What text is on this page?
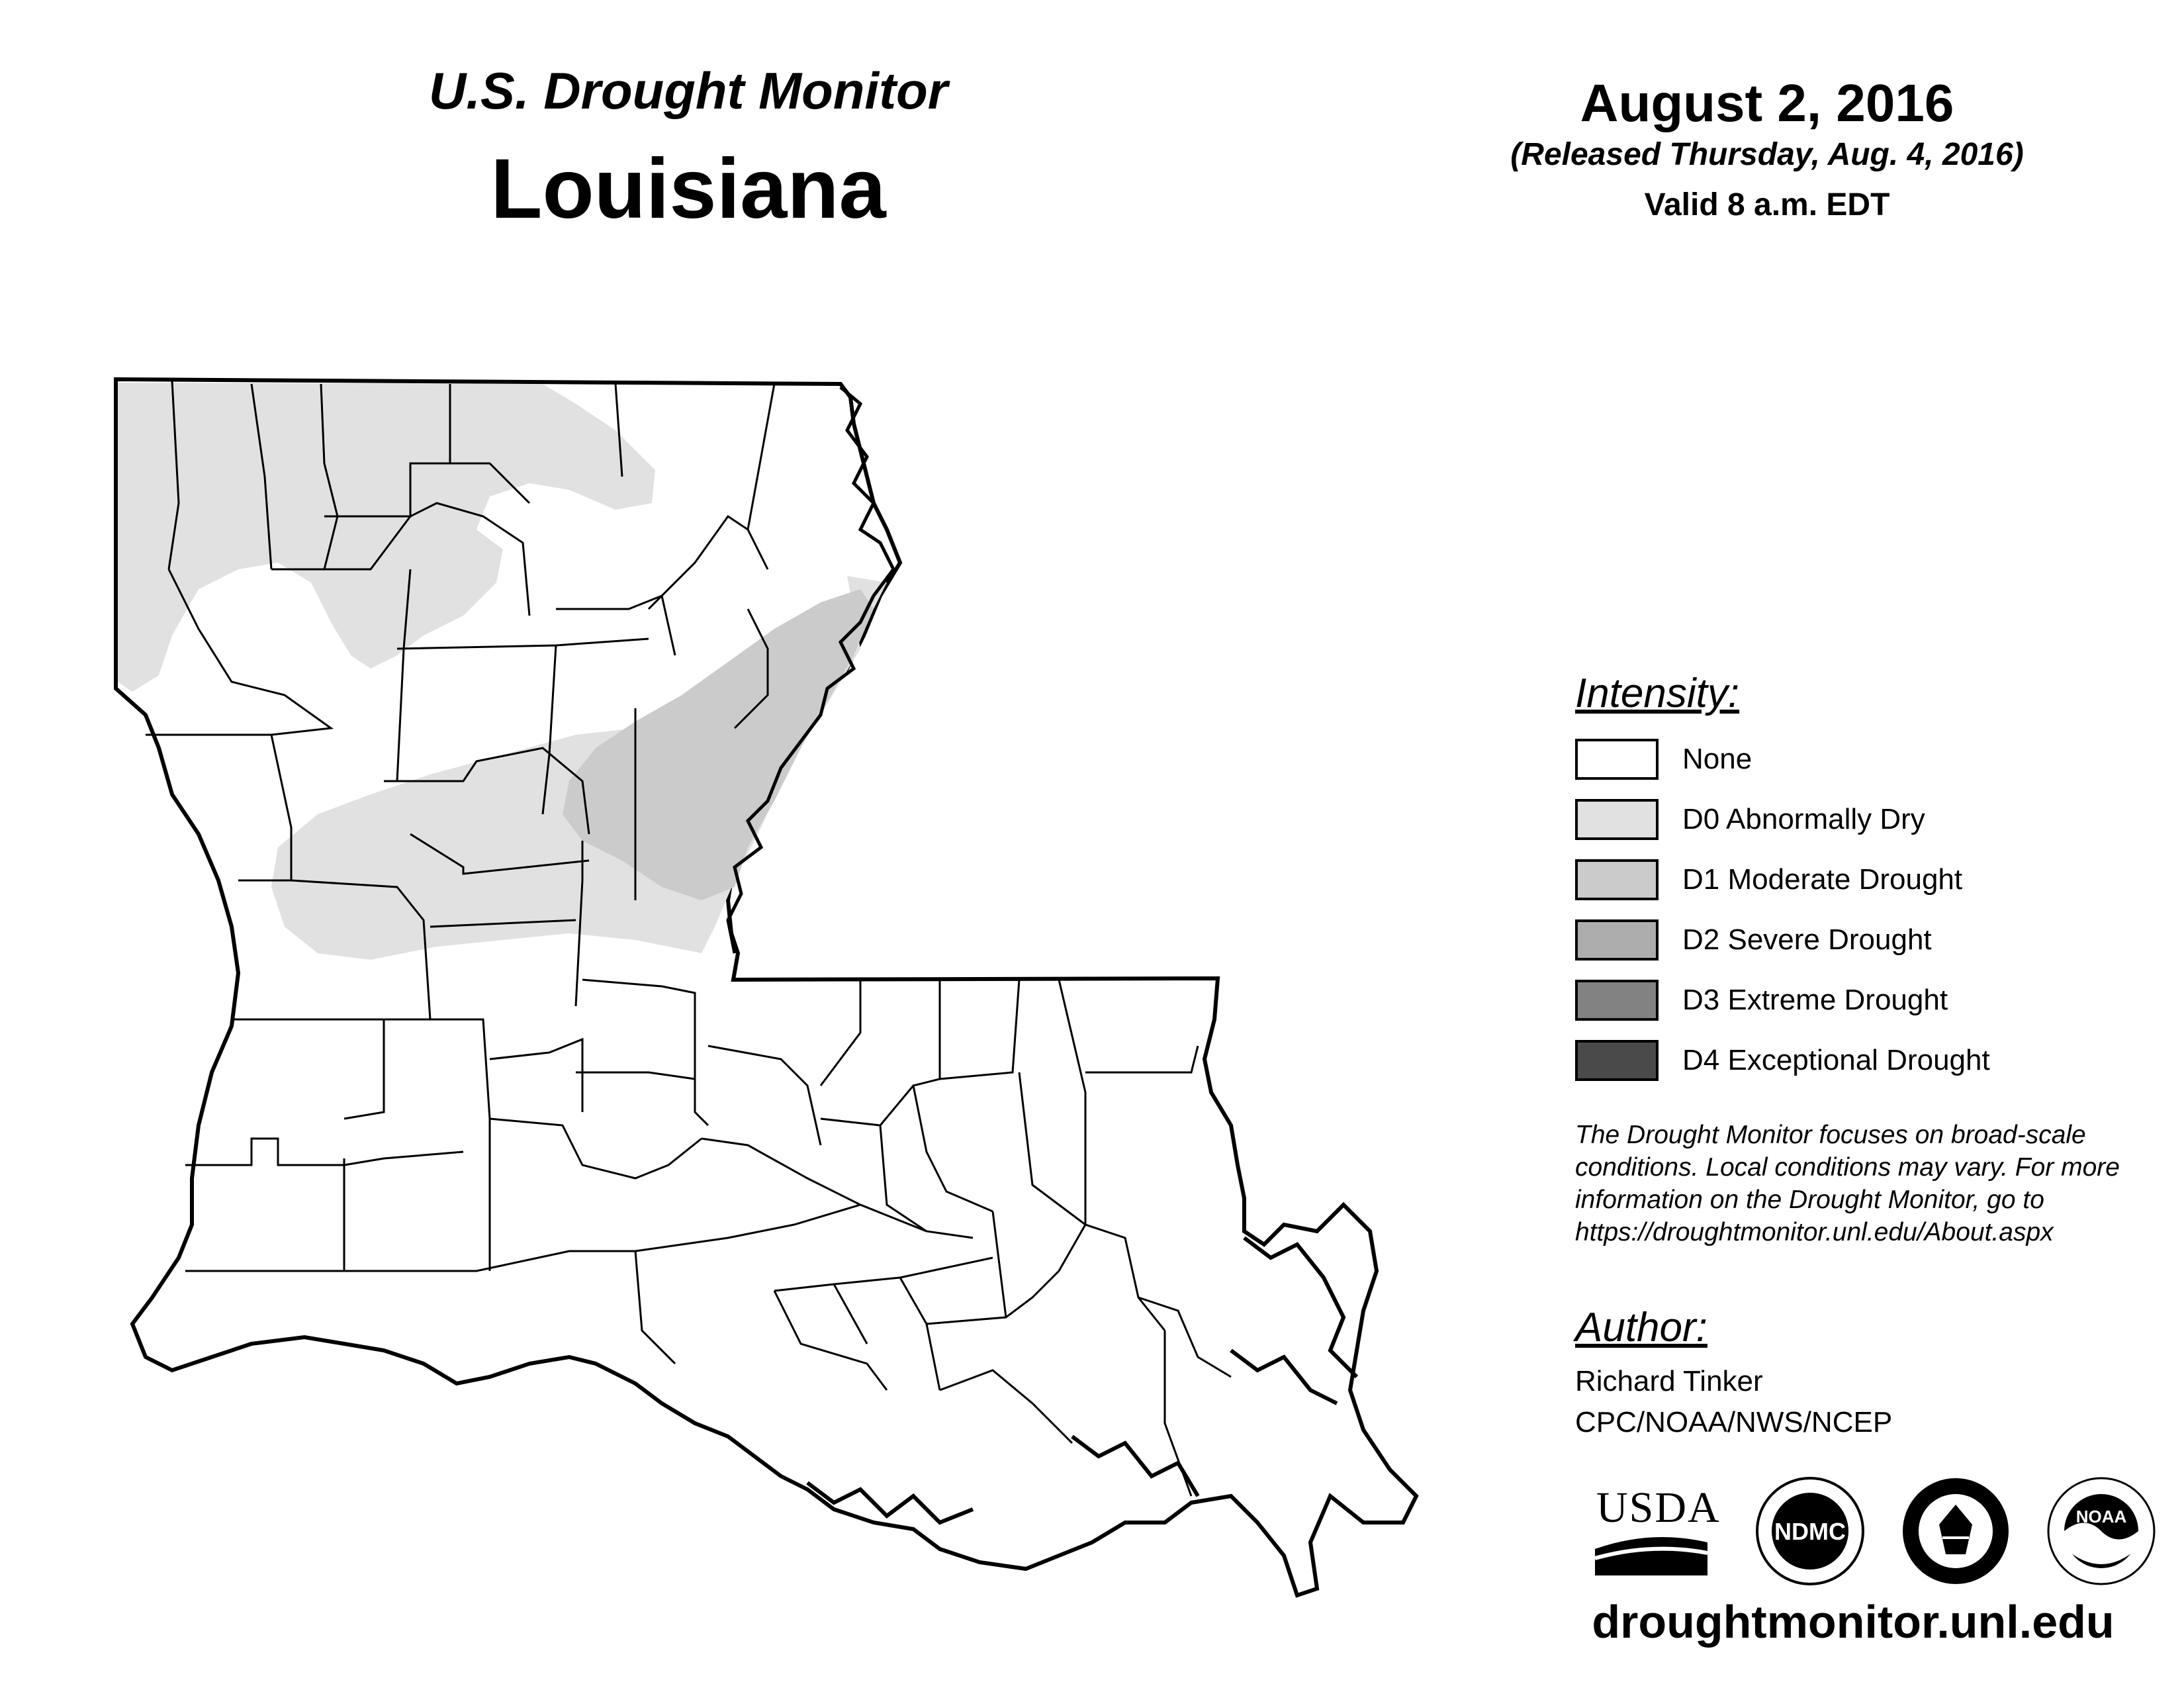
U.S. Drought Monitor
Louisiana
August 2, 2016
(Released Thursday, Aug. 4, 2016)
Valid 8 a.m. EDT
Intensity:
None
D0 Abnormally Dry
D1 Moderate Drought
D2 Severe Drought
D3 Extreme Drought
D4 Exceptional Drought
The Drought Monitor focuses on broad-scale conditions. Local conditions may vary. For more information on the Drought Monitor, go to https://droughtmonitor.unl.edu/About.aspx
Author:
Richard Tinker
CPC/NOAA/NWS/NCEP
USDA NDMC
NOAA
droughtmonitor.unl.edu
